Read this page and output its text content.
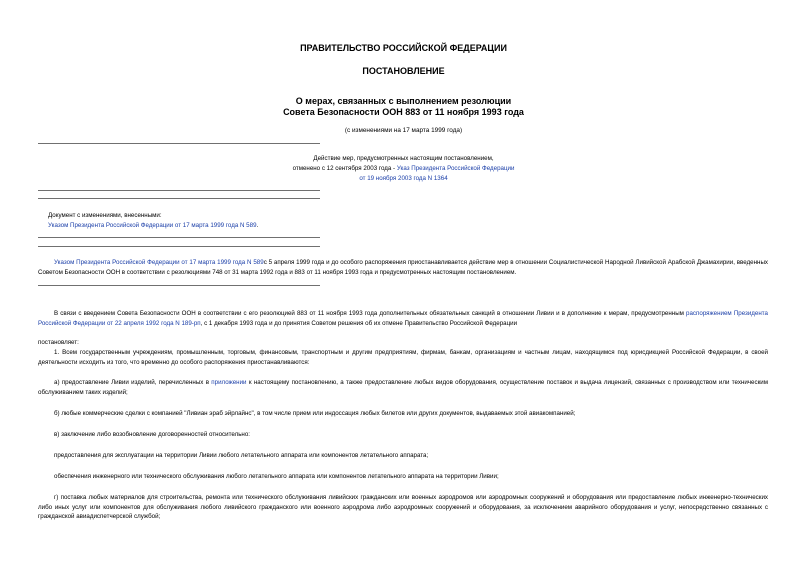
ПРАВИТЕЛЬСТВО РОССИЙСКОЙ ФЕДЕРАЦИИ
ПОСТАНОВЛЕНИЕ
О мерах, связанных с выполнением резолюции
Совета Безопасности ООН 883 от 11 ноября 1993 года
(с изменениями на 17 марта 1999 года)
Действие мер, предусмотренных настоящим постановлением,
отменено с 12 сентября 2003 года - Указ Президента Российской Федерации
от 19 ноября 2003 года N 1364
Документ с изменениями, внесенными:
Указом Президента Российской Федерации от 17 марта 1999 года N 589.
Указом Президента Российской Федерации от 17 марта 1999 года N 589с 5 апреля 1999 года и до особого распоряжения приостанавливается действие мер в отношении Социалистической Народной Ливийской Арабской Джамахирии, введенных Советом Безопасности ООН в соответствии с резолюциями 748 от 31 марта 1992 года и 883 от 11 ноября 1993 года и предусмотренных настоящим постановлением.
В связи с введением Совета Безопасности ООН в соответствии с его резолюцией 883 от 11 ноября 1993 года дополнительных обязательных санкций в отношении Ливии и в дополнение к мерам, предусмотренным распоряжением Президента Российской Федерации от 22 апреля 1992 года N 189-рп, с 1 декабря 1993 года и до принятия Советом решения об их отмене Правительство Российской Федерации
постановляет:
1. Всем государственным учреждениям, промышленным, торговым, финансовым, транспортным и другим предприятиям, фирмам, банкам, организациям и частным лицам, находящимся под юрисдикцией Российской Федерации, в своей деятельности исходить из того, что временно до особого распоряжения приостанавливаются:
а) предоставление Ливии изделий, перечисленных в приложении к настоящему постановлению, а также предоставление любых видов оборудования, осуществление поставок и выдача лицензий, связанных с производством или техническим обслуживанием таких изделий;
б) любые коммерческие сделки с компанией "Ливиан эраб эйрлайнс", в том числе прием или индоссация любых билетов или других документов, выдаваемых этой авиакомпанией;
в) заключение либо возобновление договоренностей относительно:
предоставления для эксплуатации на территории Ливии любого летательного аппарата или компонентов летательного аппарата;
обеспечения инженерного или технического обслуживания любого летательного аппарата или компонентов летательного аппарата на территории Ливии;
г) поставка любых материалов для строительства, ремонта или технического обслуживания ливийских гражданских или военных аэродромов или аэродромных сооружений и оборудования или предоставление любых инженерно-технических либо иных услуг или компонентов для обслуживания любого ливийского гражданского или военного аэродрома либо аэродромных сооружений и оборудования, за исключением аварийного оборудования и услуг, непосредственно связанных с гражданской авиадиспетчерской службой;
